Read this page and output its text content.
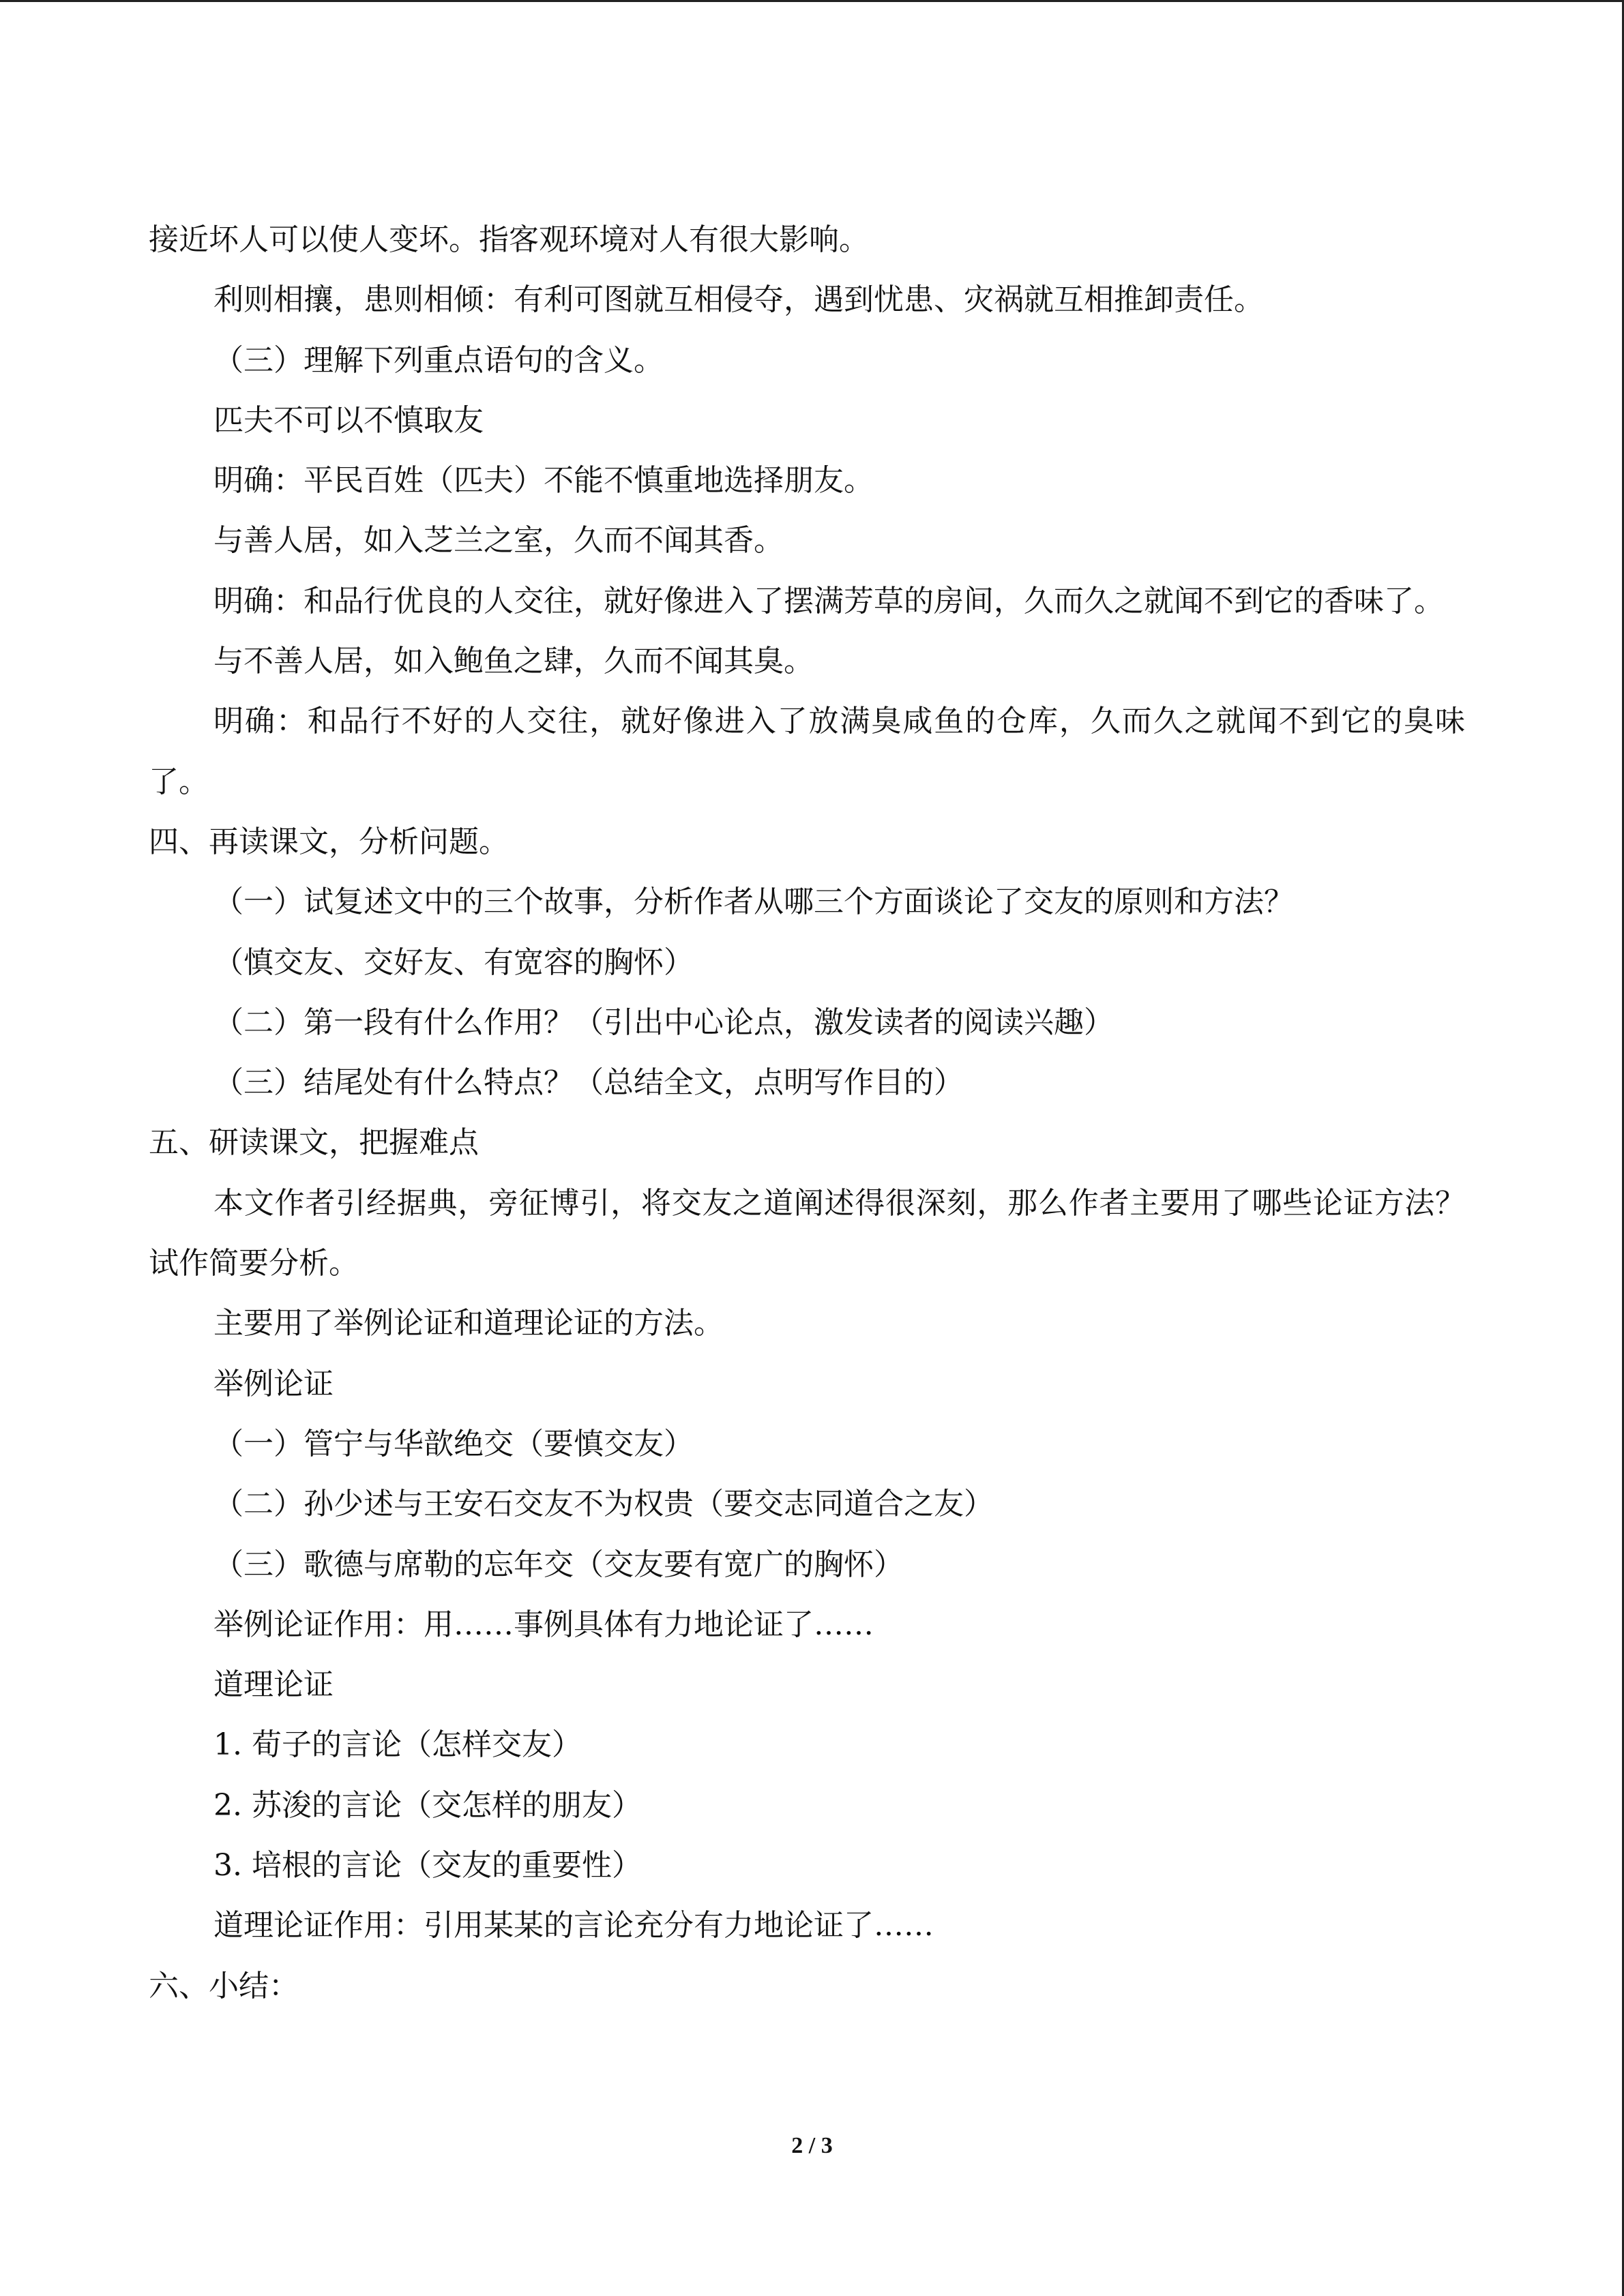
接近坏人可以使人变坏。指客观环境对人有很大影响。
利则相攘，患则相倾：有利可图就互相侵夺，遇到忧患、灾祸就互相推卸责任。
（三）理解下列重点语句的含义。
匹夫不可以不慎取友
明确：平民百姓（匹夫）不能不慎重地选择朋友。
与善人居，如入芝兰之室，久而不闻其香。
明确：和品行优良的人交往，就好像进入了摆满芳草的房间，久而久之就闻不到它的香味了。
与不善人居，如入鲍鱼之肆，久而不闻其臭。
明确：和品行不好的人交往，就好像进入了放满臭咸鱼的仓库，久而久之就闻不到它的臭味了。
四、再读课文，分析问题。
（一）试复述文中的三个故事，分析作者从哪三个方面谈论了交友的原则和方法？
（慎交友、交好友、有宽容的胸怀）
（二）第一段有什么作用？（引出中心论点，激发读者的阅读兴趣）
（三）结尾处有什么特点？（总结全文，点明写作目的）
五、研读课文，把握难点
本文作者引经据典，旁征博引，将交友之道阐述得很深刻，那么作者主要用了哪些论证方法？试作简要分析。
主要用了举例论证和道理论证的方法。
举例论证
（一）管宁与华歆绝交（要慎交友）
（二）孙少述与王安石交友不为权贵（要交志同道合之友）
（三）歌德与席勒的忘年交（交友要有宽广的胸怀）
举例论证作用：用……事例具体有力地论证了……
道理论证
1. 荀子的言论（怎样交友）
2. 苏浚的言论（交怎样的朋友）
3. 培根的言论（交友的重要性）
道理论证作用：引用某某的言论充分有力地论证了……
六、小结：
2 / 3
